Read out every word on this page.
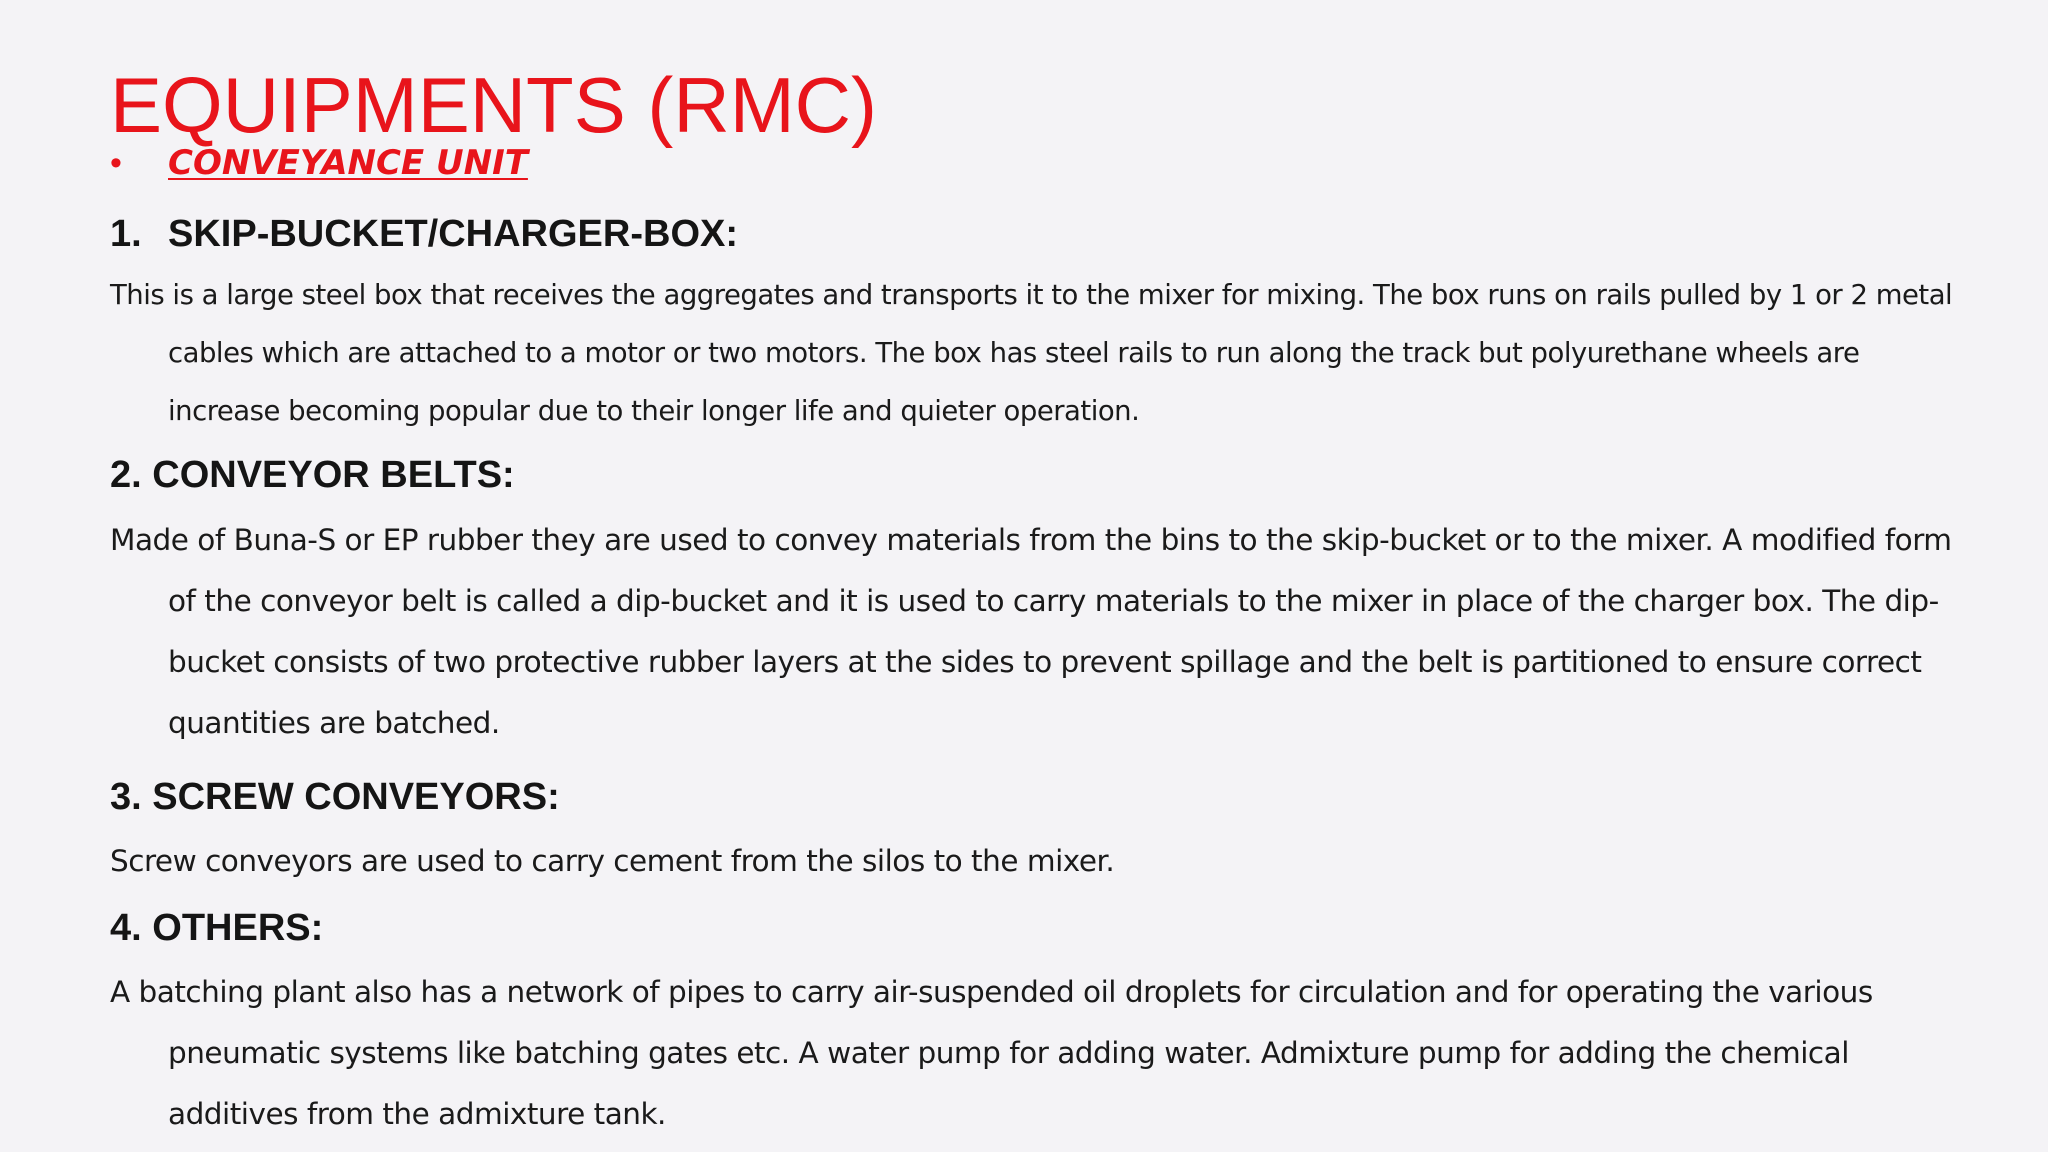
EQUIPMENTS (RMC)
• CONVEYANCE UNIT
1. SKIP-BUCKET/CHARGER-BOX:

This is a large steel box that receives the aggregates and transports it to the mixer for mixing. The box runs on rails pulled by 1 or 2 metal cables which are attached to a motor or two motors. The box has steel rails to run along the track but polyurethane wheels are increase becoming popular due to their longer life and quieter operation.

2. CONVEYOR BELTS:

Made of Buna-S or EP rubber they are used to convey materials from the bins to the skip-bucket or to the mixer. A modified form of the conveyor belt is called a dip-bucket and it is used to carry materials to the mixer in place of the charger box. The dip-bucket consists of two protective rubber layers at the sides to prevent spillage and the belt is partitioned to ensure correct quantities are batched.

3. SCREW CONVEYORS:

Screw conveyors are used to carry cement from the silos to the mixer.

4. OTHERS:

A batching plant also has a network of pipes to carry air-suspended oil droplets for circulation and for operating the various pneumatic systems like batching gates etc. A water pump for adding water. Admixture pump for adding the chemical additives from the admixture tank.
